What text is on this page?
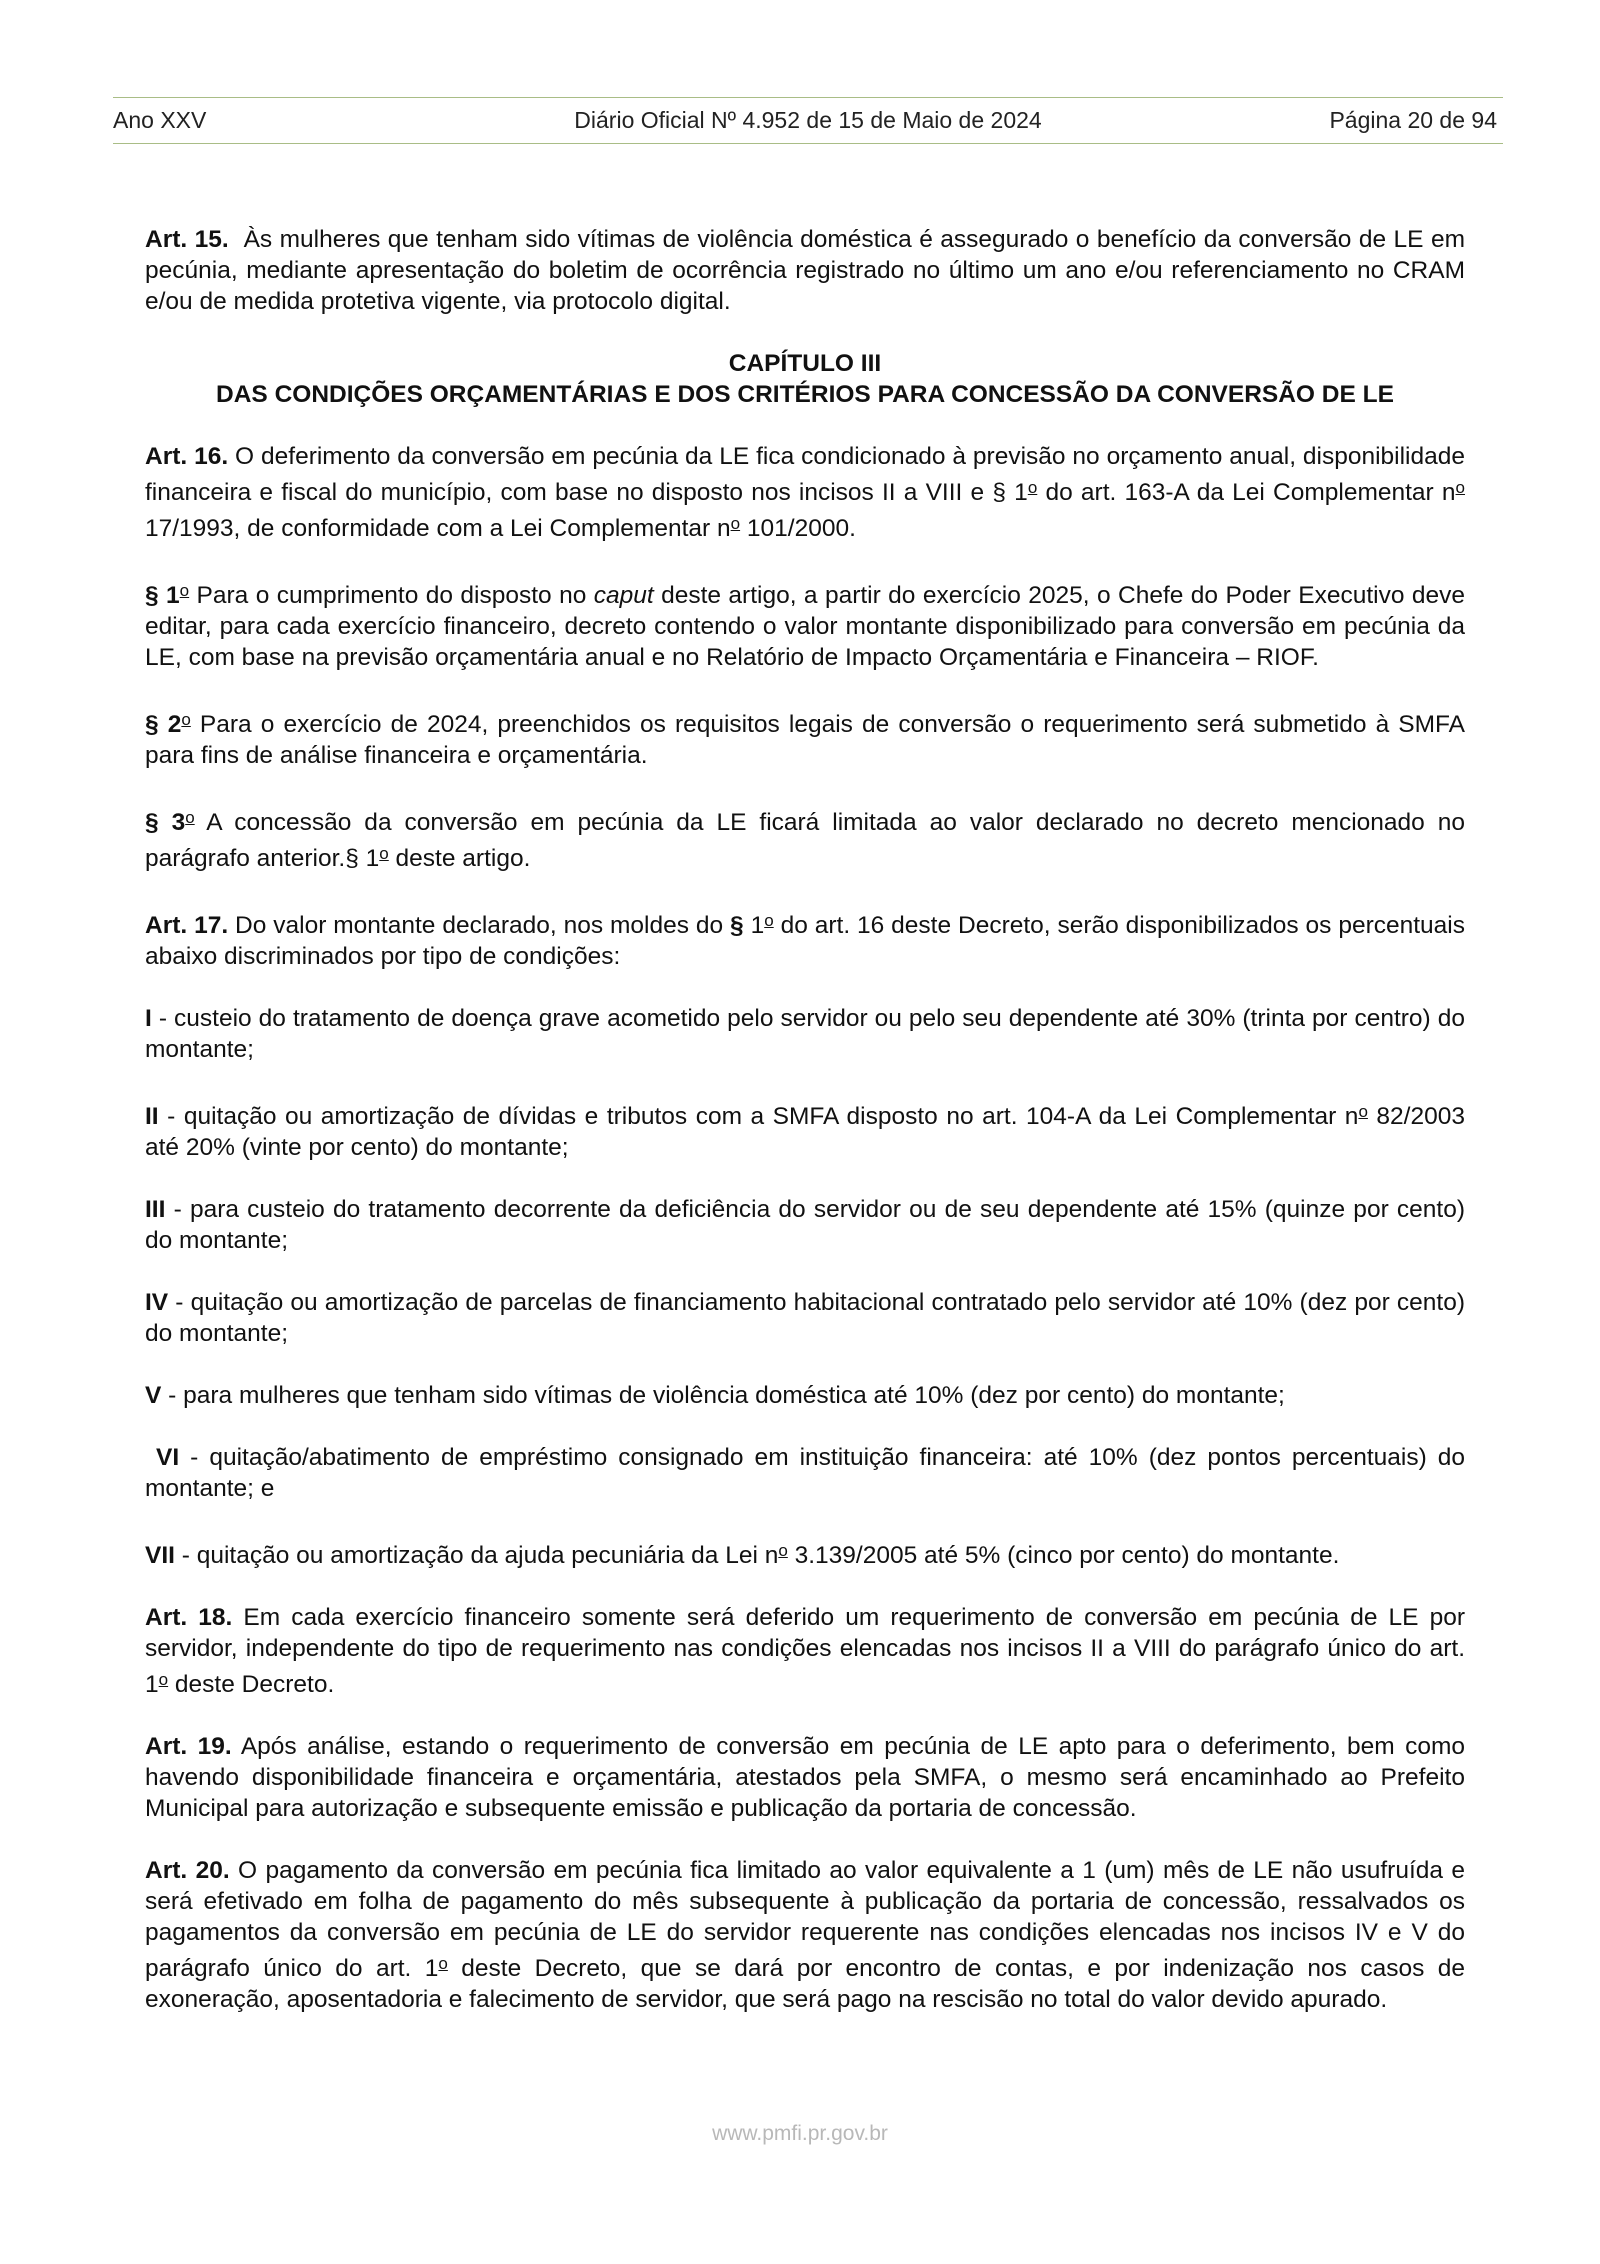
Ano XXV	Diário Oficial Nº 4.952 de 15 de Maio de 2024	Página 20 de 94

Art. 15. Às mulheres que tenham sido vítimas de violência doméstica é assegurado o benefício da conversão de LE em pecúnia, mediante apresentação do boletim de ocorrência registrado no último um ano e/ou referenciamento no CRAM e/ou de medida protetiva vigente, via protocolo digital.

CAPÍTULO III
DAS CONDIÇÕES ORÇAMENTÁRIAS E DOS CRITÉRIOS PARA CONCESSÃO DA CONVERSÃO DE LE

Art. 16. O deferimento da conversão em pecúnia da LE fica condicionado à previsão no orçamento anual, disponibilidade financeira e fiscal do município, com base no disposto nos incisos II a VIII e § 1$^o$ do art. 163-A da Lei Complementar $n^o$ 17/1993, de conformidade com a Lei Complementar $n^o$ 101/2000.

§ 1$^o$ Para o cumprimento do disposto no caput deste artigo, a partir do exercício 2025, o Chefe do Poder Executivo deve editar, para cada exercício financeiro, decreto contendo o valor montante disponibilizado para conversão em pecúnia da LE, com base na previsão orçamentária anual e no Relatório de Impacto Orçamentária e Financeira – RIOF.

§ 2$^o$ Para o exercício de 2024, preenchidos os requisitos legais de conversão o requerimento será submetido à SMFA para fins de análise financeira e orçamentária.

§ 3$^o$ A concessão da conversão em pecúnia da LE ficará limitada ao valor declarado no decreto mencionado no parágrafo anterior.§ 1$^o$ deste artigo.

Art. 17. Do valor montante declarado, nos moldes do § 1$^o$ do art. 16 deste Decreto, serão disponibilizados os percentuais abaixo discriminados por tipo de condições:

I - custeio do tratamento de doença grave acometido pelo servidor ou pelo seu dependente até 30% (trinta por centro) do montante;

II - quitação ou amortização de dívidas e tributos com a SMFA disposto no art. 104-A da Lei Complementar $n^o$ 82/2003 até 20% (vinte por cento) do montante;

III - para custeio do tratamento decorrente da deficiência do servidor ou de seu dependente até 15% (quinze por cento) do montante;

IV - quitação ou amortização de parcelas de financiamento habitacional contratado pelo servidor até 10% (dez por cento) do montante;

V - para mulheres que tenham sido vítimas de violência doméstica até 10% (dez por cento) do montante;

VI - quitação/abatimento de empréstimo consignado em instituição financeira: até 10% (dez pontos percentuais) do montante; e

VII - quitação ou amortização da ajuda pecuniária da Lei $n^o$ 3.139/2005 até 5% (cinco por cento) do montante.

Art. 18. Em cada exercício financeiro somente será deferido um requerimento de conversão em pecúnia de LE por servidor, independente do tipo de requerimento nas condições elencadas nos incisos II a VIII do parágrafo único do art. 1$^o$ deste Decreto.

Art. 19. Após análise, estando o requerimento de conversão em pecúnia de LE apto para o deferimento, bem como havendo disponibilidade financeira e orçamentária, atestados pela SMFA, o mesmo será encaminhado ao Prefeito Municipal para autorização e subsequente emissão e publicação da portaria de concessão.

Art. 20. O pagamento da conversão em pecúnia fica limitado ao valor equivalente a 1 (um) mês de LE não usufruída e será efetivado em folha de pagamento do mês subsequente à publicação da portaria de concessão, ressalvados os pagamentos da conversão em pecúnia de LE do servidor requerente nas condições elencadas nos incisos IV e V do parágrafo único do art. 1$^o$ deste Decreto, que se dará por encontro de contas, e por indenização nos casos de exoneração, aposentadoria e falecimento de servidor, que será pago na rescisão no total do valor devido apurado.

www.pmfi.pr.gov.br
